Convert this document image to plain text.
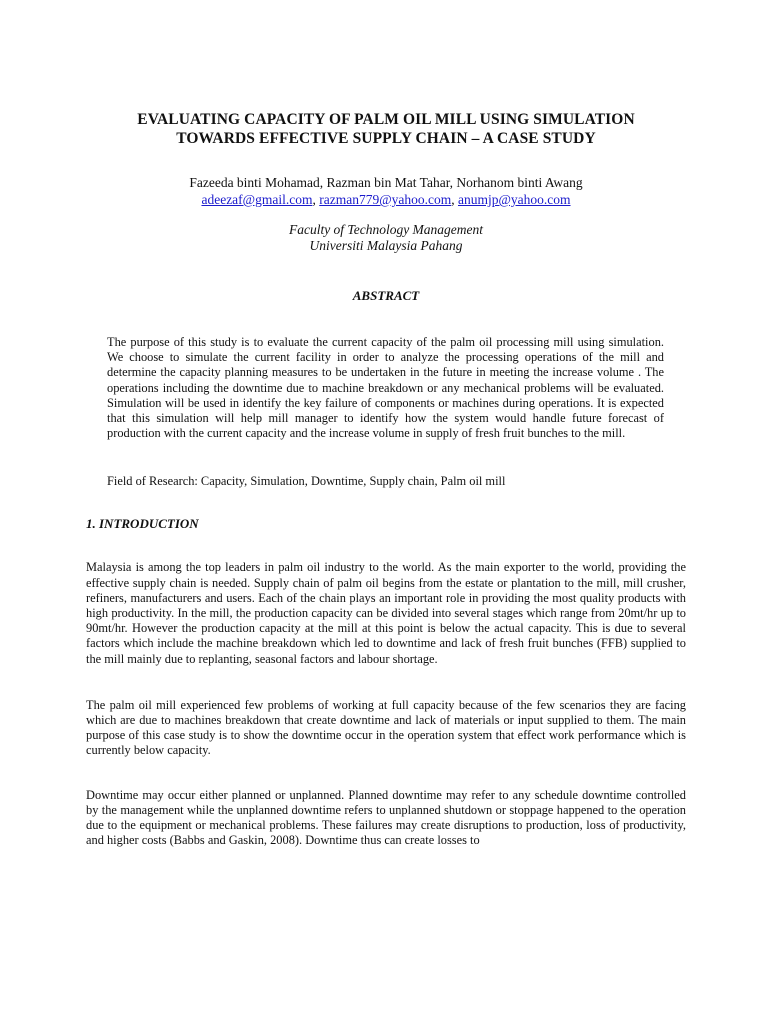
EVALUATING CAPACITY OF PALM OIL MILL USING SIMULATION
TOWARDS EFFECTIVE SUPPLY CHAIN – A CASE STUDY
Fazeeda binti Mohamad, Razman bin Mat Tahar, Norhanom binti Awang
adeezaf@gmail.com, razman779@yahoo.com, anumjp@yahoo.com
Faculty of Technology Management
Universiti Malaysia Pahang
ABSTRACT

The purpose of this study is to evaluate the current capacity of the palm oil processing mill using simulation. We choose to simulate the current facility in order to analyze the processing operations of the mill and determine the capacity planning measures to be undertaken in the future in meeting the increase volume . The operations including the downtime due to machine breakdown or any mechanical problems will be evaluated. Simulation will be used in identify the key failure of components or machines during operations. It is expected that this simulation will help mill manager to identify how the system would handle future forecast of production with the current capacity and the increase volume in supply of fresh fruit bunches to the mill.

Field of Research: Capacity, Simulation, Downtime, Supply chain, Palm oil mill

1. INTRODUCTION

Malaysia is among the top leaders in palm oil industry to the world. As the main exporter to the world, providing the effective supply chain is needed. Supply chain of palm oil begins from the estate or plantation to the mill, mill crusher, refiners, manufacturers and users. Each of the chain plays an important role in providing the most quality products with high productivity. In the mill, the production capacity can be divided into several stages which range from 20mt/hr up to 90mt/hr. However the production capacity at the mill at this point is below the actual capacity. This is due to several factors which include the machine breakdown which led to downtime and lack of fresh fruit bunches (FFB) supplied to the mill mainly due to replanting, seasonal factors and labour shortage.

The palm oil mill experienced few problems of working at full capacity because of the few scenarios they are facing which are due to machines breakdown that create downtime and lack of materials or input supplied to them. The main purpose of this case study is to show the downtime occur in the operation system that effect work performance which is currently below capacity.

Downtime may occur either planned or unplanned. Planned downtime may refer to any schedule downtime controlled by the management while the unplanned downtime refers to unplanned shutdown or stoppage happened to the operation due to the equipment or mechanical problems. These failures may create disruptions to production, loss of productivity, and higher costs (Babbs and Gaskin, 2008). Downtime thus can create losses to
